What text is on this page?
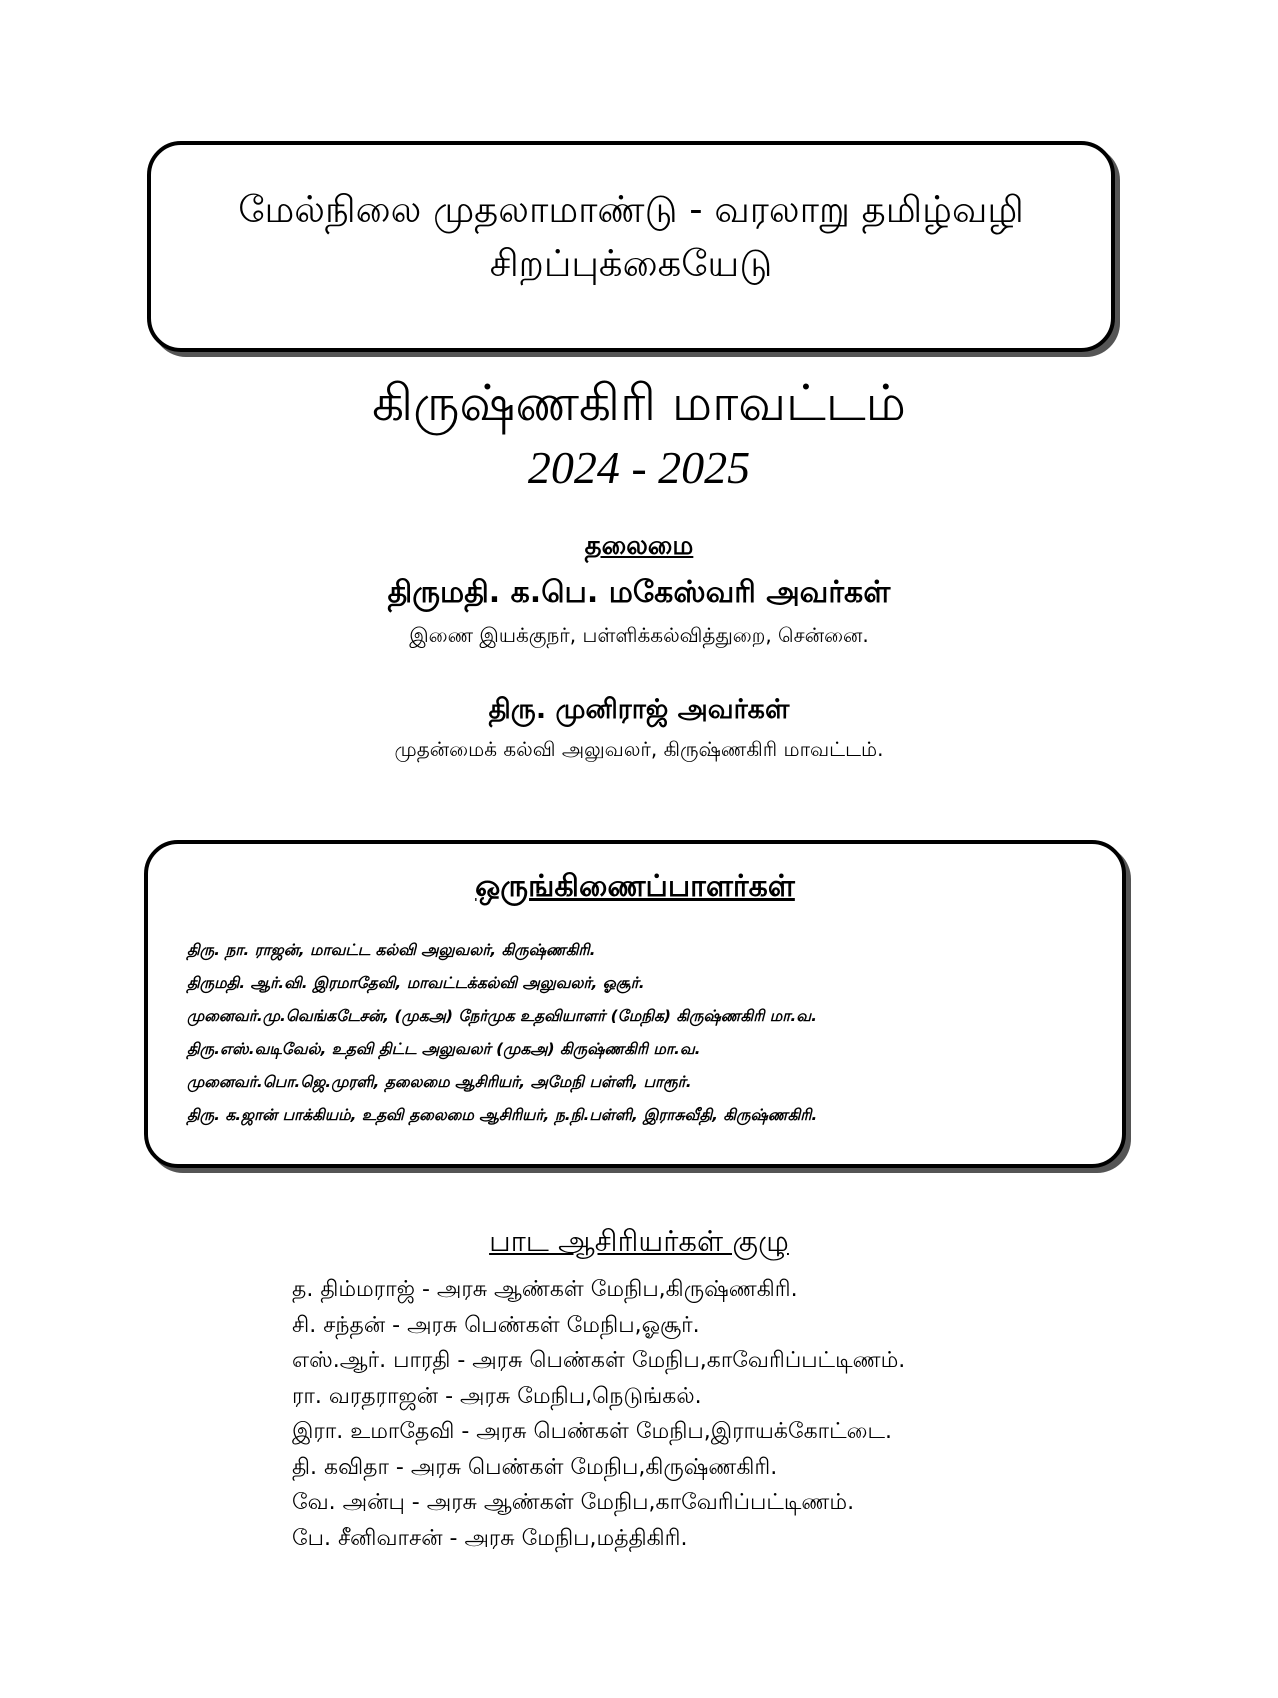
மேல்நிலை முதலாமாண்டு - வரலாறு தமிழ்வழி
சிறப்புக்கையேடு
கிருஷ்ணகிரி மாவட்டம்
2024 - 2025
தலைமை
திருமதி. க.பெ. மகேஸ்வரி அவர்கள்
இணை இயக்குநர், பள்ளிக்கல்வித்துறை, சென்னை.
திரு. முனிராஜ் அவர்கள்
முதன்மைக் கல்வி அலுவலர், கிருஷ்ணகிரி மாவட்டம்.
ஒருங்கிணைப்பாளர்கள்
திரு. நா. ராஜன், மாவட்ட கல்வி அலுவலர், கிருஷ்ணகிரி.
திருமதி. ஆர்.வி. இரமாதேவி, மாவட்டக்கல்வி அலுவலர், ஓசூர்.
முனைவர்.மு.வெங்கடேசன், (முகஅ) நேர்முக உதவியாளர் (மேநிக) கிருஷ்ணகிரி மா.வ.
திரு.எஸ்.வடிவேல், உதவி திட்ட அலுவலர் (முகஅ) கிருஷ்ணகிரி மா.வ.
முனைவர்.பொ.ஜெ.முரளி, தலைமை ஆசிரியர், அமேநி பள்ளி, பாரூர்.
திரு. க.ஜான் பாக்கியம், உதவி தலைமை ஆசிரியர், ந.நி.பள்ளி, இராசுவீதி, கிருஷ்ணகிரி.
பாட ஆசிரியர்கள் குழு
த. திம்மராஜ் - அரசு ஆண்கள் மேநிப,கிருஷ்ணகிரி.
சி. சந்தன் - அரசு பெண்கள் மேநிப,ஓசூர்.
எஸ்.ஆர். பாரதி - அரசு பெண்கள் மேநிப,காவேரிப்பட்டிணம்.
ரா. வரதராஜன் - அரசு மேநிப,நெடுங்கல்.
இரா. உமாதேவி - அரசு பெண்கள் மேநிப,இராயக்கோட்டை.
தி. கவிதா - அரசு பெண்கள் மேநிப,கிருஷ்ணகிரி.
வே. அன்பு - அரசு ஆண்கள் மேநிப,காவேரிப்பட்டிணம்.
பே. சீனிவாசன் - அரசு மேநிப,மத்திகிரி.
